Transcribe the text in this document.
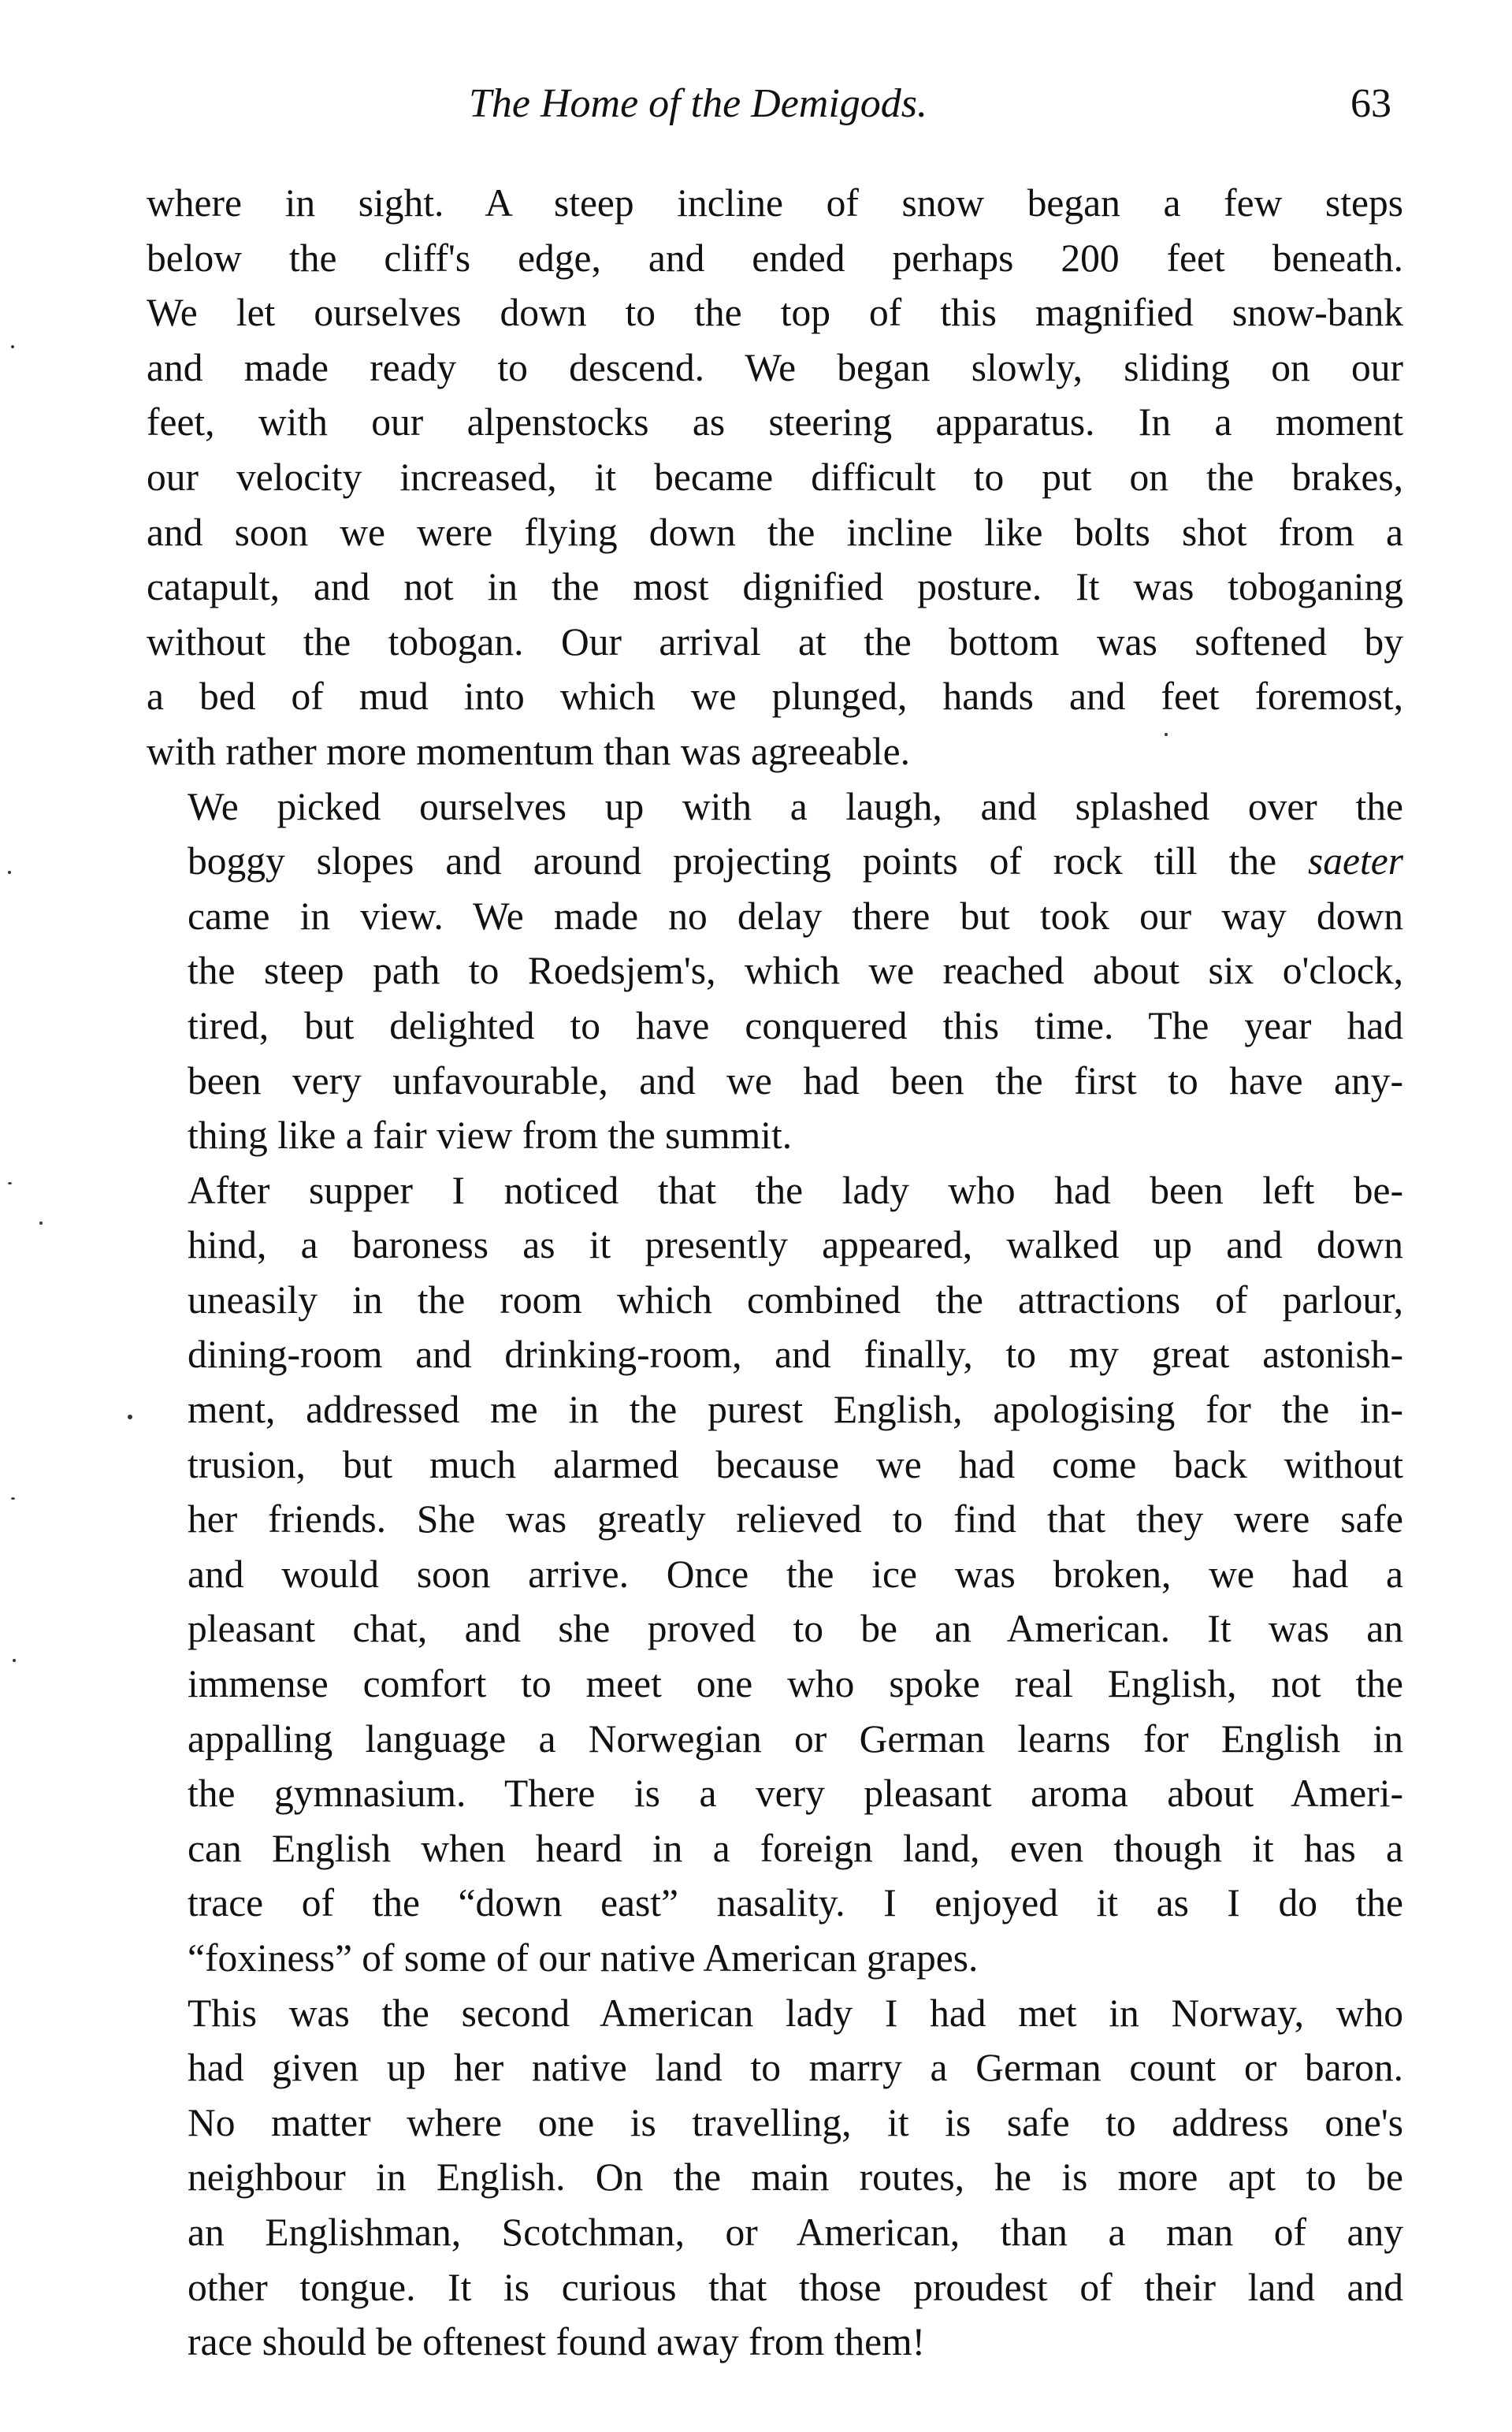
The Home of the Demigods.	63

where in sight. A steep incline of snow began a few steps
below the cliff's edge, and ended perhaps 200 feet beneath.
We let ourselves down to the top of this magnified snow-bank
and made ready to descend. We began slowly, sliding on our
feet, with our alpenstocks as steering apparatus. In a moment
our velocity increased, it became difficult to put on the brakes,
and soon we were flying down the incline like bolts shot from a
catapult, and not in the most dignified posture. It was toboganing
without the tobogan. Our arrival at the bottom was softened by
a bed of mud into which we plunged, hands and feet foremost,
with rather more momentum than was agreeable.

We picked ourselves up with a laugh, and splashed over the
boggy slopes and around projecting points of rock till the saeter
came in view. We made no delay there but took our way down
the steep path to Roedsjem's, which we reached about six o'clock,
tired, but delighted to have conquered this time. The year had
been very unfavourable, and we had been the first to have any-
thing like a fair view from the summit.

After supper I noticed that the lady who had been left be-
hind, a baroness as it presently appeared, walked up and down
uneasily in the room which combined the attractions of parlour,
dining-room and drinking-room, and finally, to my great astonish-
ment, addressed me in the purest English, apologising for the in-
trusion, but much alarmed because we had come back without
her friends. She was greatly relieved to find that they were safe
and would soon arrive. Once the ice was broken, we had a
pleasant chat, and she proved to be an American. It was an
immense comfort to meet one who spoke real English, not the
appalling language a Norwegian or German learns for English in
the gymnasium. There is a very pleasant aroma about Ameri-
can English when heard in a foreign land, even though it has a
trace of the “down east” nasality. I enjoyed it as I do the
“foxiness” of some of our native American grapes.

This was the second American lady I had met in Norway, who
had given up her native land to marry a German count or baron.
No matter where one is travelling, it is safe to address one's
neighbour in English. On the main routes, he is more apt to be
an Englishman, Scotchman, or American, than a man of any
other tongue. It is curious that those proudest of their land and
race should be oftenest found away from them!
